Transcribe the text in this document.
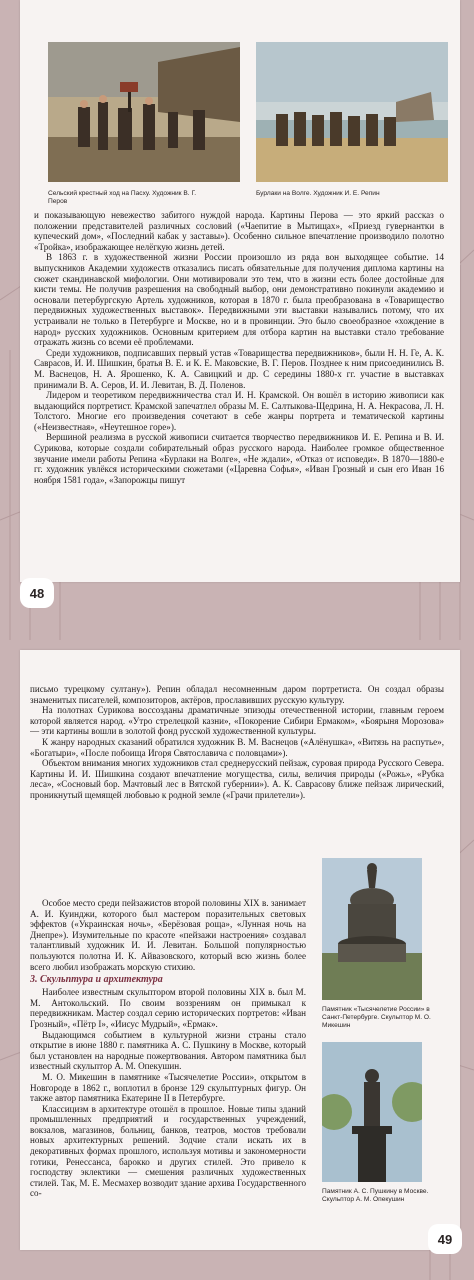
Сельский крестный ход на Пасху. Художник В. Г. Перов
Бурлаки на Волге. Художник И. Е. Репин

и показывающую невежество забитого нуждой народа. Картины Перова — это яркий рассказ о положении представителей различных сословий («Чаепитие в Мытищах», «Приезд гувернантки в купеческий дом», «Последний кабак у заставы»). Особенно сильное впечатление производило полотно «Тройка», изображающее нелёгкую жизнь детей.

В 1863 г. в художественной жизни России произошло из ряда вон выходящее событие. 14 выпускников Академии художеств отказались писать обязательные для получения диплома картины на сюжет скандинавской мифологии. Они мотивировали это тем, что в жизни есть более достойные для кисти темы. Не получив разрешения на свободный выбор, они демонстративно покинули академию и основали петербургскую Артель художников, которая в 1870 г. была преобразована в «Товарищество передвижных художественных выставок». Передвижными эти выставки назывались потому, что их устраивали не только в Петербурге и Москве, но и в провинции. Это было своеобразное «хождение в народ» русских художников. Основным критерием для отбора картин на выставки стало требование отражать жизнь со всеми её проблемами.

Среди художников, подписавших первый устав «Товарищества передвижников», были Н. Н. Ге, А. К. Саврасов, И. И. Шишкин, братья В. Е. и К. Е. Маковские, В. Г. Перов. Позднее к ним присоединились В. М. Васнецов, Н. А. Ярошенко, К. А. Савицкий и др. С середины 1880-х гг. участие в выставках принимали В. А. Серов, И. И. Левитан, В. Д. Поленов.

Лидером и теоретиком передвижничества стал И. Н. Крамской. Он вошёл в историю живописи как выдающийся портретист. Крамской запечатлел образы М. Е. Салтыкова-Щедрина, Н. А. Некрасова, Л. Н. Толстого. Многие его произведения сочетают в себе жанры портрета и тематической картины («Неизвестная», «Неутешное горе»).

Вершиной реализма в русской живописи считается творчество передвижников И. Е. Репина и В. И. Сурикова, которые создали собирательный образ русского народа. Наиболее громкое общественное звучание имели работы Репина «Бурлаки на Волге», «Не ждали», «Отказ от исповеди». В 1870—1880-е гг. художник увлёкся историческими сюжетами («Царевна Софья», «Иван Грозный и сын его Иван 16 ноября 1581 года», «Запорожцы пишут

48

письмо турецкому султану»). Репин обладал несомненным даром портретиста. Он создал образы знаменитых писателей, композиторов, актёров, прославивших русскую культуру.

На полотнах Сурикова воссозданы драматичные эпизоды отечественной истории, главным героем которой является народ. «Утро стрелецкой казни», «Покорение Сибири Ермаком», «Боярыня Морозова» — эти картины вошли в золотой фонд русской художественной культуры.

К жанру народных сказаний обратился художник В. М. Васнецов («Алёнушка», «Витязь на распутье», «Богатыри», «После побоища Игоря Святославича с половцами»).

Объектом внимания многих художников стал среднерусский пейзаж, суровая природа Русского Севера. Картины И. И. Шишкина создают впечатление могущества, силы, величия природы («Рожь», «Рубка леса», «Сосновый бор. Мачтовый лес в Вятской губернии»). А. К. Саврасову ближе пейзаж лирический, проникнутый щемящей любовью к родной земле («Грачи прилетели»).

Особое место среди пейзажистов второй половины XIX в. занимает А. И. Куинджи, которого был мастером поразительных световых эффектов («Украинская ночь», «Берёзовая роща», «Лунная ночь на Днепре»). Изумительные по красоте «пейзажи настроения» создавал талантливый художник И. И. Левитан. Большой популярностью пользуются полотна И. К. Айвазовского, который всю жизнь более всего любил изображать морскую стихию.

3. Скульптура и архитектура

Наиболее известным скульптором второй половины XIX в. был М. М. Антокольский. По своим воззрениям он примыкал к передвижникам. Мастер создал серию исторических портретов: «Иван Грозный», «Пётр I», «Иисус Мудрый», «Ермак».

Выдающимся событием в культурной жизни страны стало открытие в июне 1880 г. памятника А. С. Пушкину в Москве, который был установлен на народные пожертвования. Автором памятника был известный скульптор А. М. Опекушин.

М. О. Микешин в памятнике «Тысячелетие России», открытом в Новгороде в 1862 г., воплотил в бронзе 129 скульптурных фигур. Он также автор памятника Екатерине II в Петербурге.

Классицизм в архитектуре отошёл в прошлое. Новые типы зданий промышленных предприятий и государственных учреждений, вокзалов, магазинов, больниц, банков, театров, мостов требовали новых архитектурных решений. Зодчие стали искать их в декоративных формах прошлого, используя мотивы и закономерности готики, Ренессанса, барокко и других стилей. Это привело к господству эклектики — смешения различных художественных стилей. Так, М. Е. Месмахер возводит здание архива Государственного со-

Памятник «Тысячелетие России» в Санкт-Петербурге. Скульптор М. О. Микешин
Памятник А. С. Пушкину в Москве. Скульптор А. М. Опекушин
49
